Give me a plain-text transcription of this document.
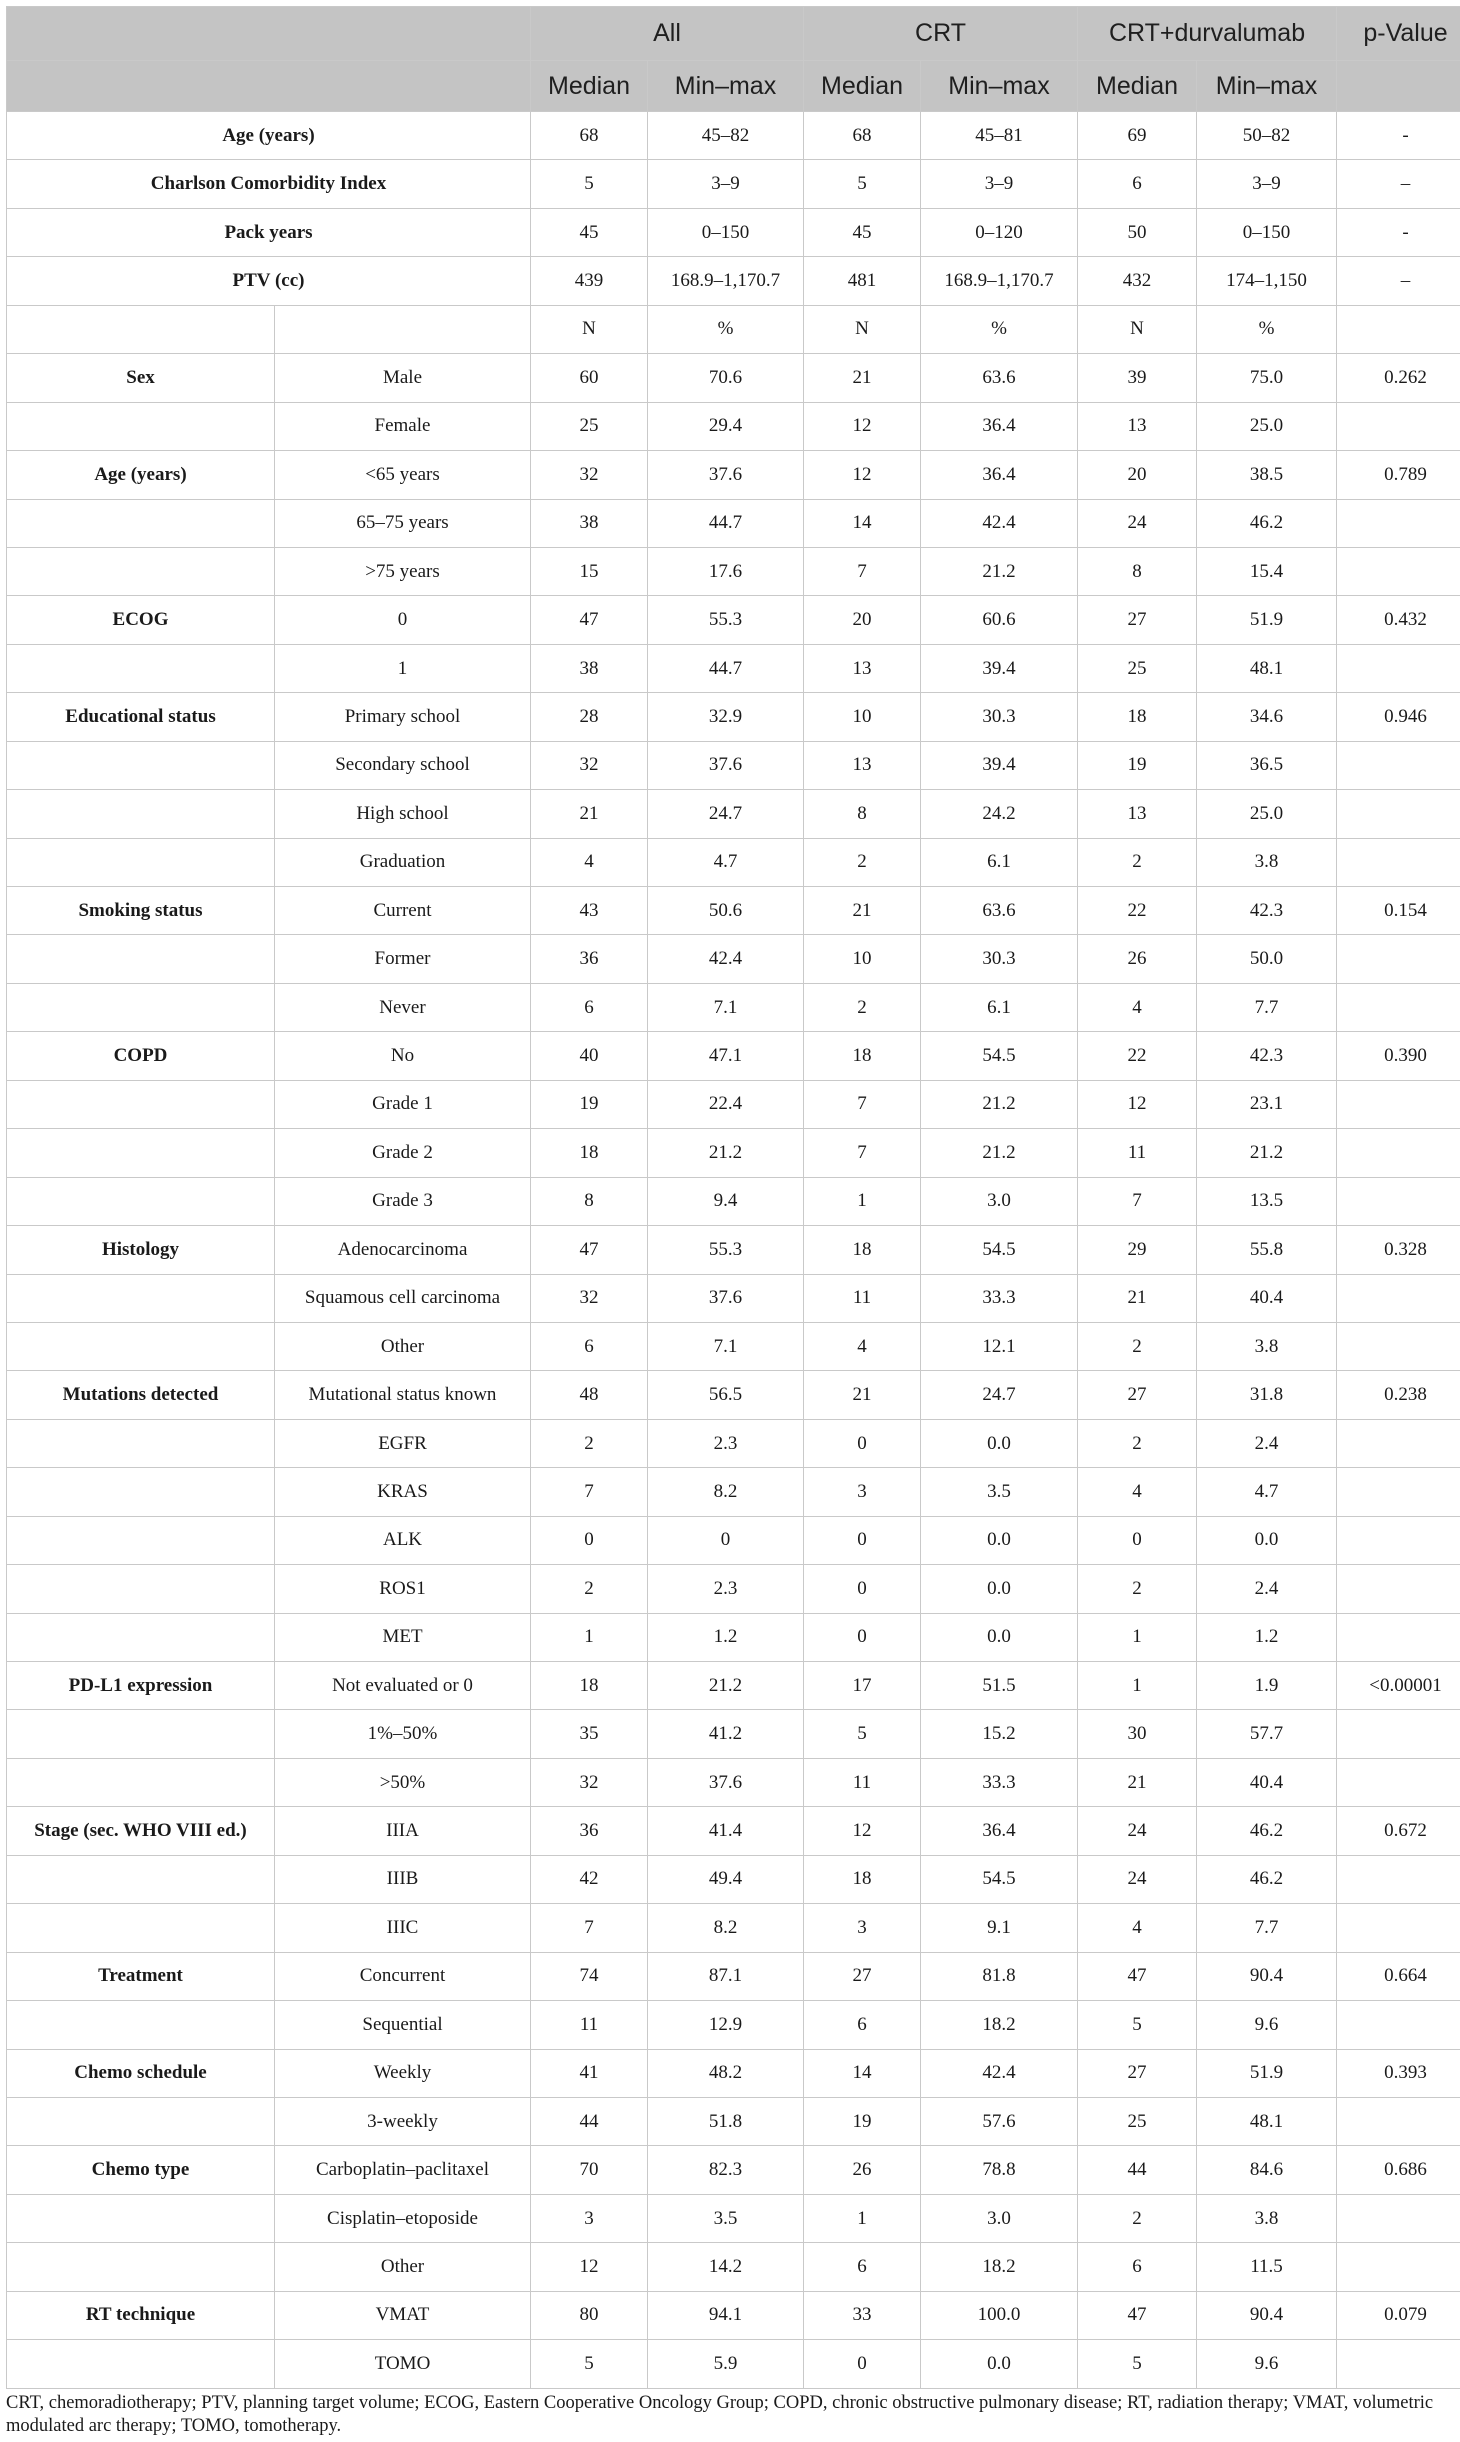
		All		CRT		CRT+durvalumab		p-Value
		Median	Min–max	Median	Min–max	Median	Min–max	
Age (years)		68	45–82	68	45–81	69	50–82	-
Charlson Comorbidity Index		5	3–9	5	3–9	6	3–9	–
Pack years		45	0–150	45	0–120	50	0–150	-
PTV (cc)		439	168.9–1,170.7	481	168.9–1,170.7	432	174–1,150	–
		N	%	N	%	N	%	
Sex	Male	60	70.6	21	63.6	39	75.0	0.262
	Female	25	29.4	12	36.4	13	25.0	
Age (years)	<65 years	32	37.6	12	36.4	20	38.5	0.789
	65–75 years	38	44.7	14	42.4	24	46.2	
	>75 years	15	17.6	7	21.2	8	15.4	
ECOG	0	47	55.3	20	60.6	27	51.9	0.432
	1	38	44.7	13	39.4	25	48.1	
Educational status	Primary school	28	32.9	10	30.3	18	34.6	0.946
	Secondary school	32	37.6	13	39.4	19	36.5	
	High school	21	24.7	8	24.2	13	25.0	
	Graduation	4	4.7	2	6.1	2	3.8	
Smoking status	Current	43	50.6	21	63.6	22	42.3	0.154
	Former	36	42.4	10	30.3	26	50.0	
	Never	6	7.1	2	6.1	4	7.7	
COPD	No	40	47.1	18	54.5	22	42.3	0.390
	Grade 1	19	22.4	7	21.2	12	23.1	
	Grade 2	18	21.2	7	21.2	11	21.2	
	Grade 3	8	9.4	1	3.0	7	13.5	
Histology	Adenocarcinoma	47	55.3	18	54.5	29	55.8	0.328
	Squamous cell carcinoma	32	37.6	11	33.3	21	40.4	
	Other	6	7.1	4	12.1	2	3.8	
Mutations detected	Mutational status known	48	56.5	21	24.7	27	31.8	0.238
	EGFR	2	2.3	0	0.0	2	2.4	
	KRAS	7	8.2	3	3.5	4	4.7	
	ALK	0	0	0	0.0	0	0.0	
	ROS1	2	2.3	0	0.0	2	2.4	
	MET	1	1.2	0	0.0	1	1.2	
PD-L1 expression	Not evaluated or 0	18	21.2	17	51.5	1	1.9	<0.00001
	1%–50%	35	41.2	5	15.2	30	57.7	
	>50%	32	37.6	11	33.3	21	40.4	
Stage (sec. WHO VIII ed.)	IIIA	36	41.4	12	36.4	24	46.2	0.672
	IIIB	42	49.4	18	54.5	24	46.2	
	IIIC	7	8.2	3	9.1	4	7.7	
Treatment	Concurrent	74	87.1	27	81.8	47	90.4	0.664
	Sequential	11	12.9	6	18.2	5	9.6	
Chemo schedule	Weekly	41	48.2	14	42.4	27	51.9	0.393
	3-weekly	44	51.8	19	57.6	25	48.1	
Chemo type	Carboplatin–paclitaxel	70	82.3	26	78.8	44	84.6	0.686
	Cisplatin–etoposide	3	3.5	1	3.0	2	3.8	
	Other	12	14.2	6	18.2	6	11.5	
RT technique	VMAT	80	94.1	33	100.0	47	90.4	0.079
	TOMO	5	5.9	0	0.0	5	9.6	

CRT, chemoradiotherapy; PTV, planning target volume; ECOG, Eastern Cooperative Oncology Group; COPD, chronic obstructive pulmonary disease; RT, radiation therapy; VMAT, volumetric modulated arc therapy; TOMO, tomotherapy.
